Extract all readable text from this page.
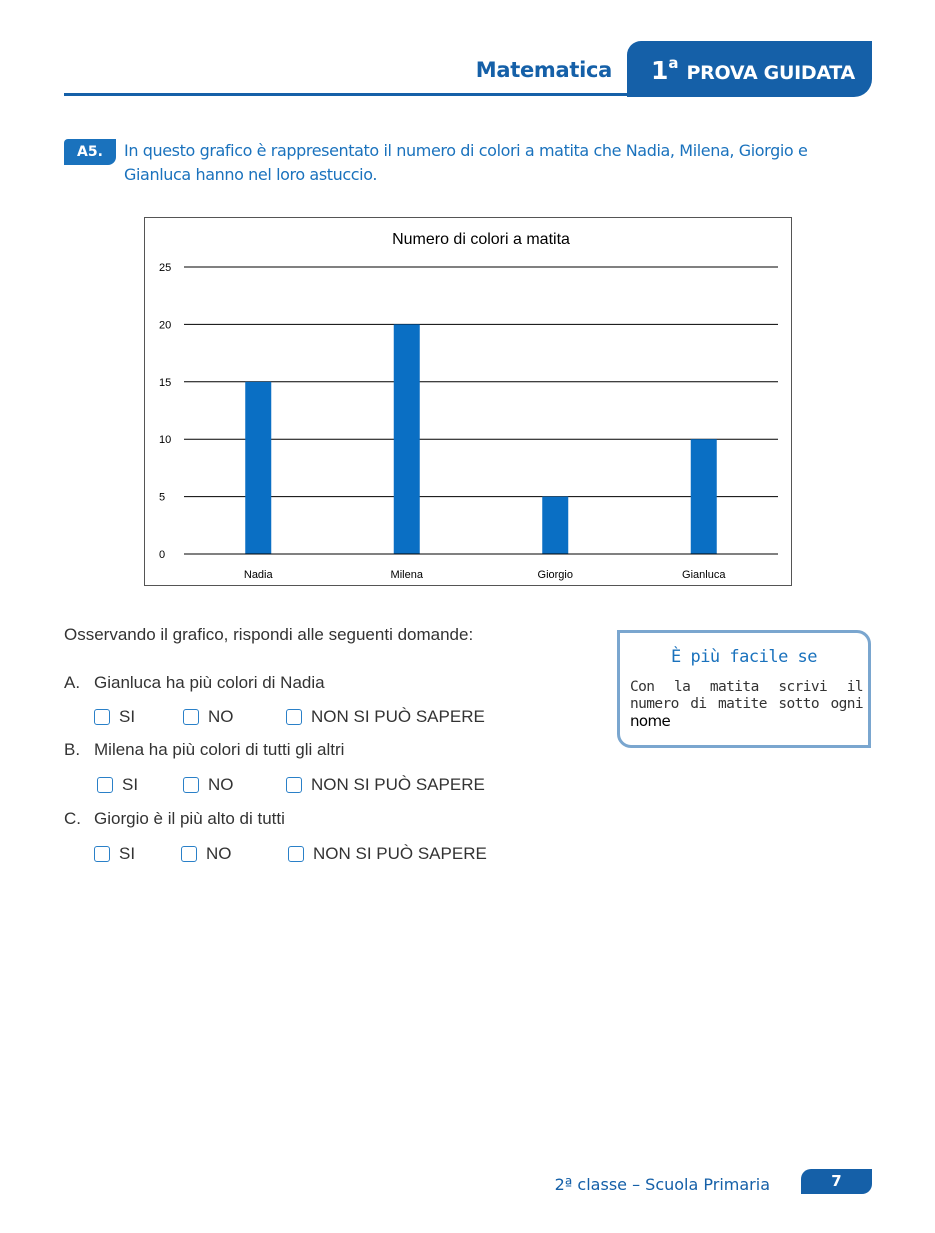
Matematica 1$^a$ PROVA GUIDATA
A5.	In questo grafico è rappresentato il numero di colori a matita che Nadia, Milena, Giorgio e Gianluca hanno nel loro astuccio.
Numero di colori a matita
0
5
10
15
20
25
Nadia	Milena	Giorgio	Gianluca
Osservando il grafico, rispondi alle seguenti domande:
A. Gianluca ha più colori di Nadia
SI	NO	NON SI PUÒ SAPERE
B. Milena ha più colori di tutti gli altri
SI	NO	NON SI PUÒ SAPERE
C. Giorgio è il più alto di tutti
SI	NO	NON SI PUÒ SAPERE
È più facile se
Con la matita scrivi il numero di matite sotto ogni nome
2ª classe – Scuola Primaria	7
